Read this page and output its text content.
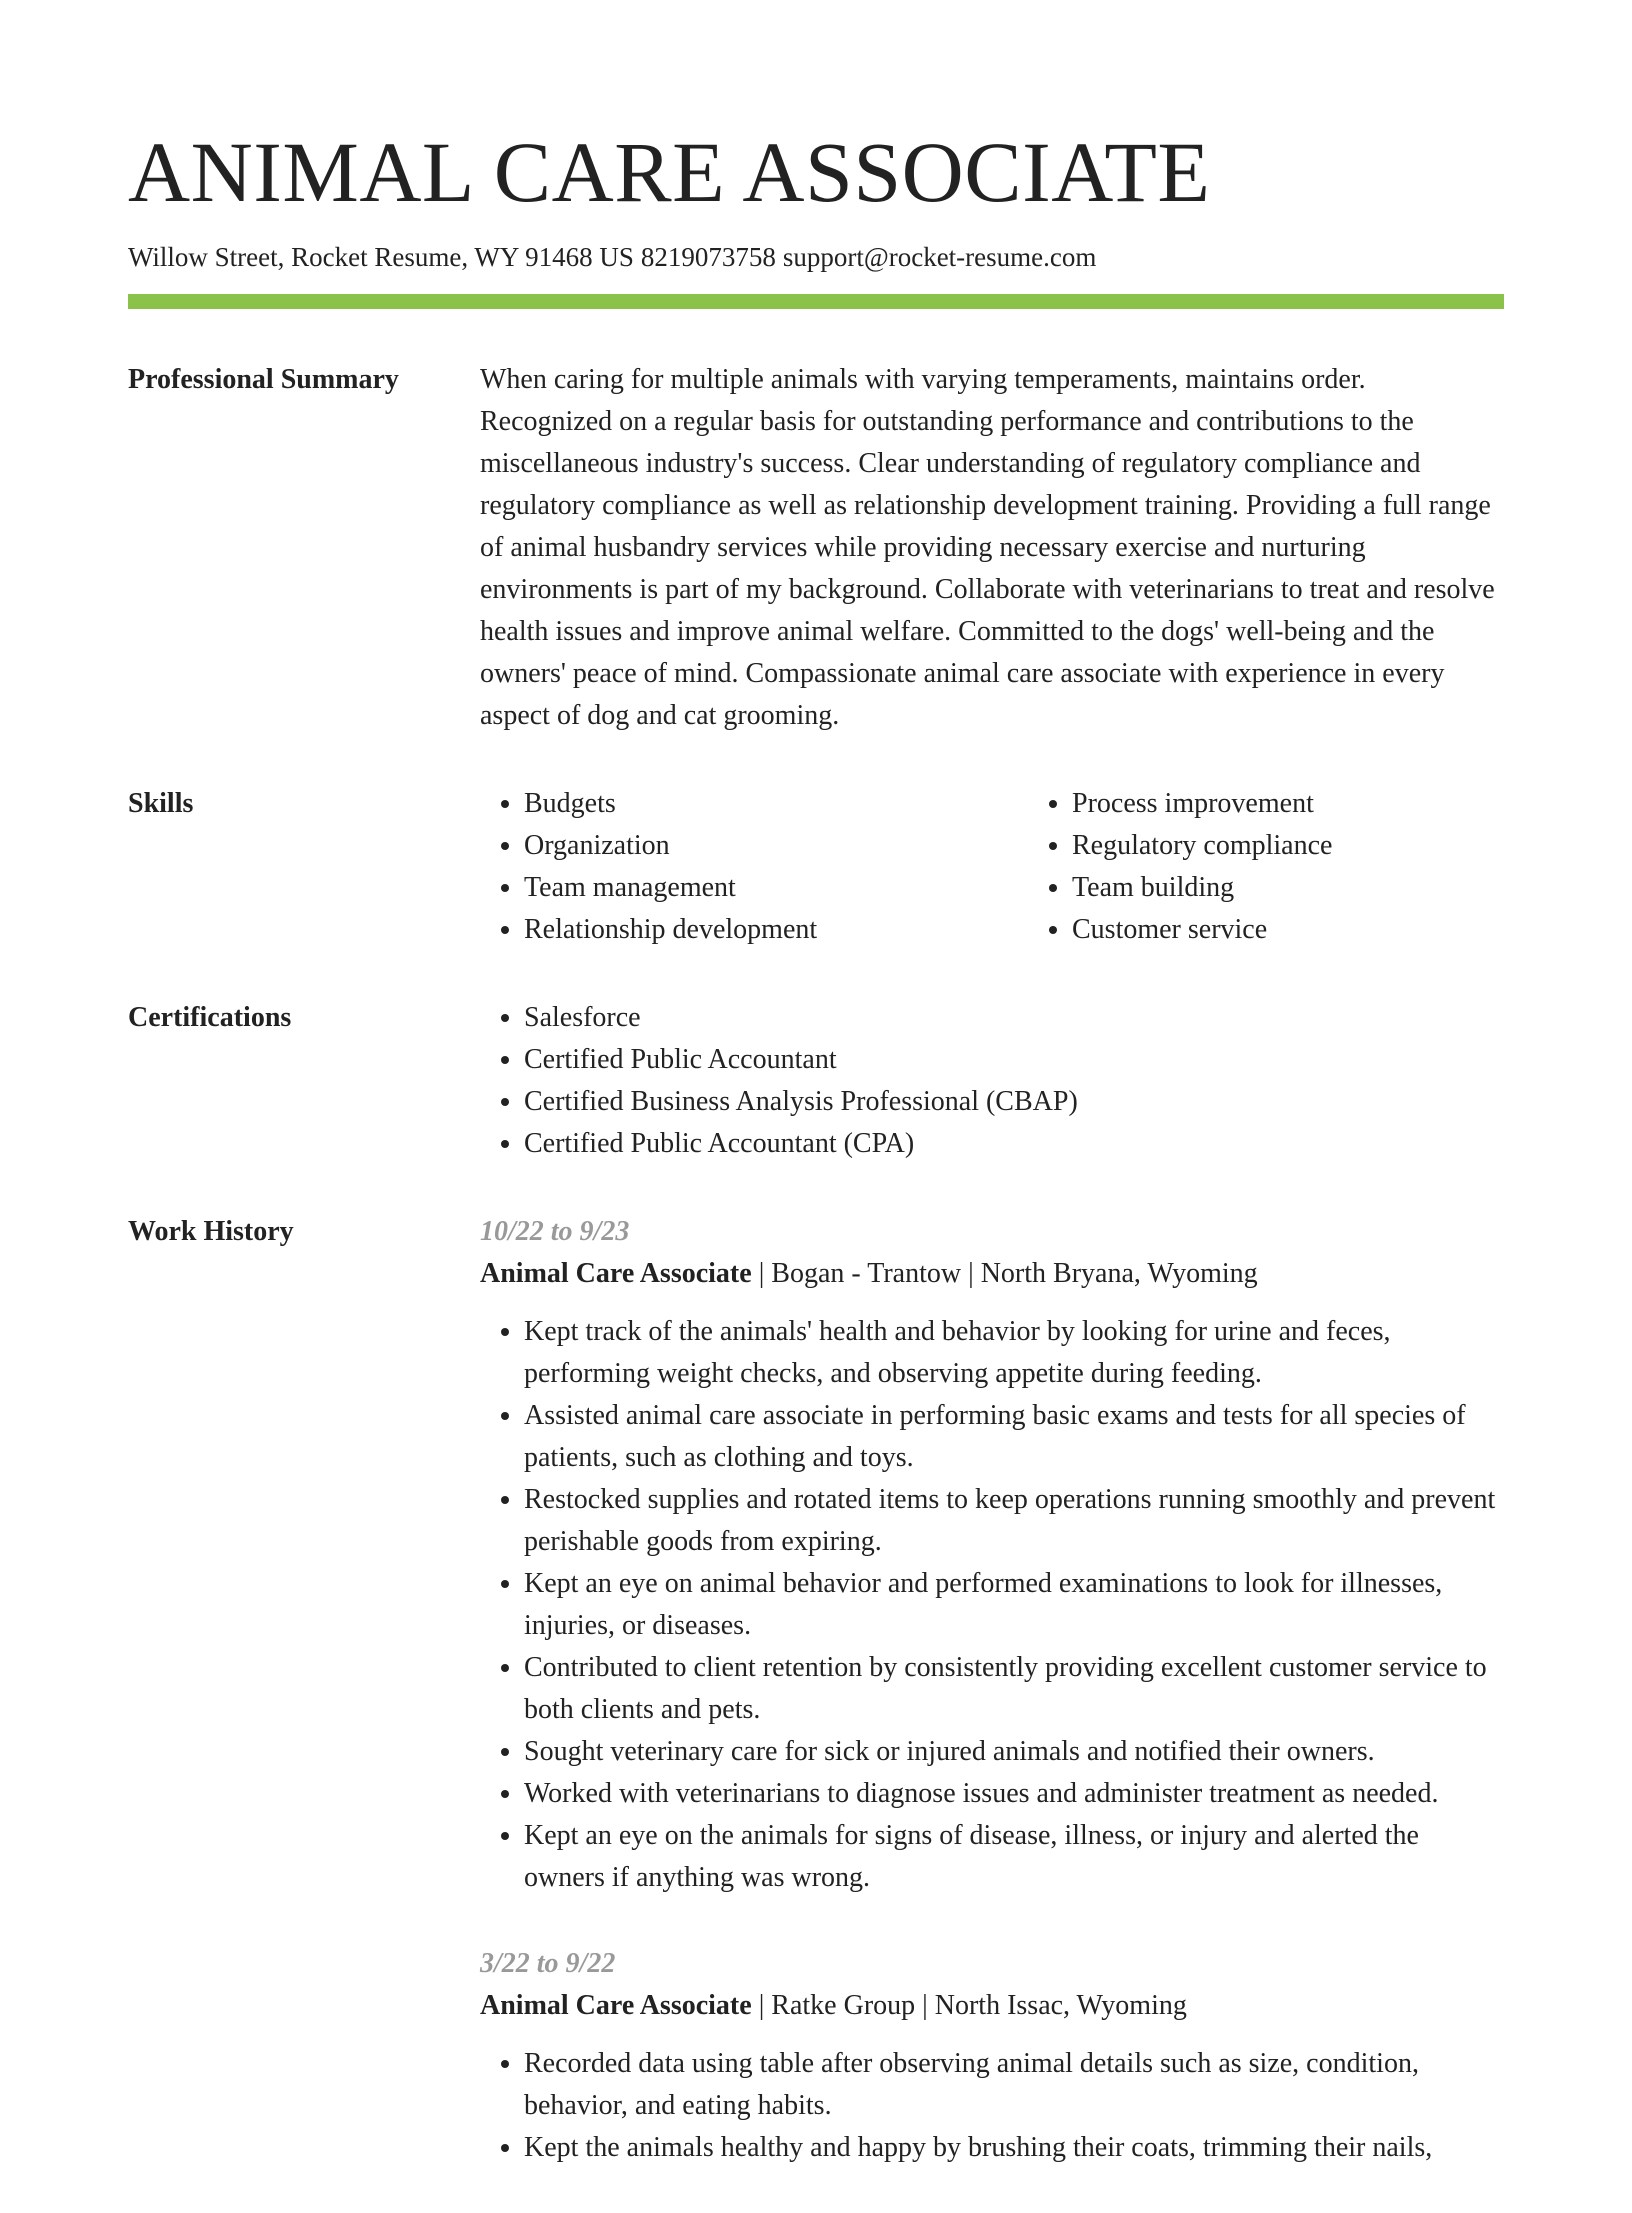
ANIMAL CARE ASSOCIATE
Willow Street, Rocket Resume, WY 91468 US 8219073758 support@rocket-resume.com
Professional Summary	When caring for multiple animals with varying temperaments, maintains order. Recognized on a regular basis for outstanding performance and contributions to the miscellaneous industry's success. Clear understanding of regulatory compliance and regulatory compliance as well as relationship development training. Providing a full range of animal husbandry services while providing necessary exercise and nurturing environments is part of my background. Collaborate with veterinarians to treat and resolve health issues and improve animal welfare. Committed to the dogs' well-being and the owners' peace of mind. Compassionate animal care associate with experience in every aspect of dog and cat grooming.

Skills	• Budgets
• Organization
• Team management
• Relationship development
• Process improvement
• Regulatory compliance
• Team building
• Customer service
Certifications	• Salesforce
• Certified Public Accountant
• Certified Business Analysis Professional (CBAP)
• Certified Public Accountant (CPA)
Work History	10/22 to 9/23
Animal Care Associate | Bogan - Trantow | North Bryana, Wyoming
• Kept track of the animals' health and behavior by looking for urine and feces, performing weight checks, and observing appetite during feeding.
• Assisted animal care associate in performing basic exams and tests for all species of patients, such as clothing and toys.
• Restocked supplies and rotated items to keep operations running smoothly and prevent perishable goods from expiring.
• Kept an eye on animal behavior and performed examinations to look for illnesses, injuries, or diseases.
• Contributed to client retention by consistently providing excellent customer service to both clients and pets.
• Sought veterinary care for sick or injured animals and notified their owners.
• Worked with veterinarians to diagnose issues and administer treatment as needed.
• Kept an eye on the animals for signs of disease, illness, or injury and alerted the owners if anything was wrong.
3/22 to 9/22
Animal Care Associate | Ratke Group | North Issac, Wyoming
• Recorded data using table after observing animal details such as size, condition, behavior, and eating habits.
• Kept the animals healthy and happy by brushing their coats, trimming their nails,
